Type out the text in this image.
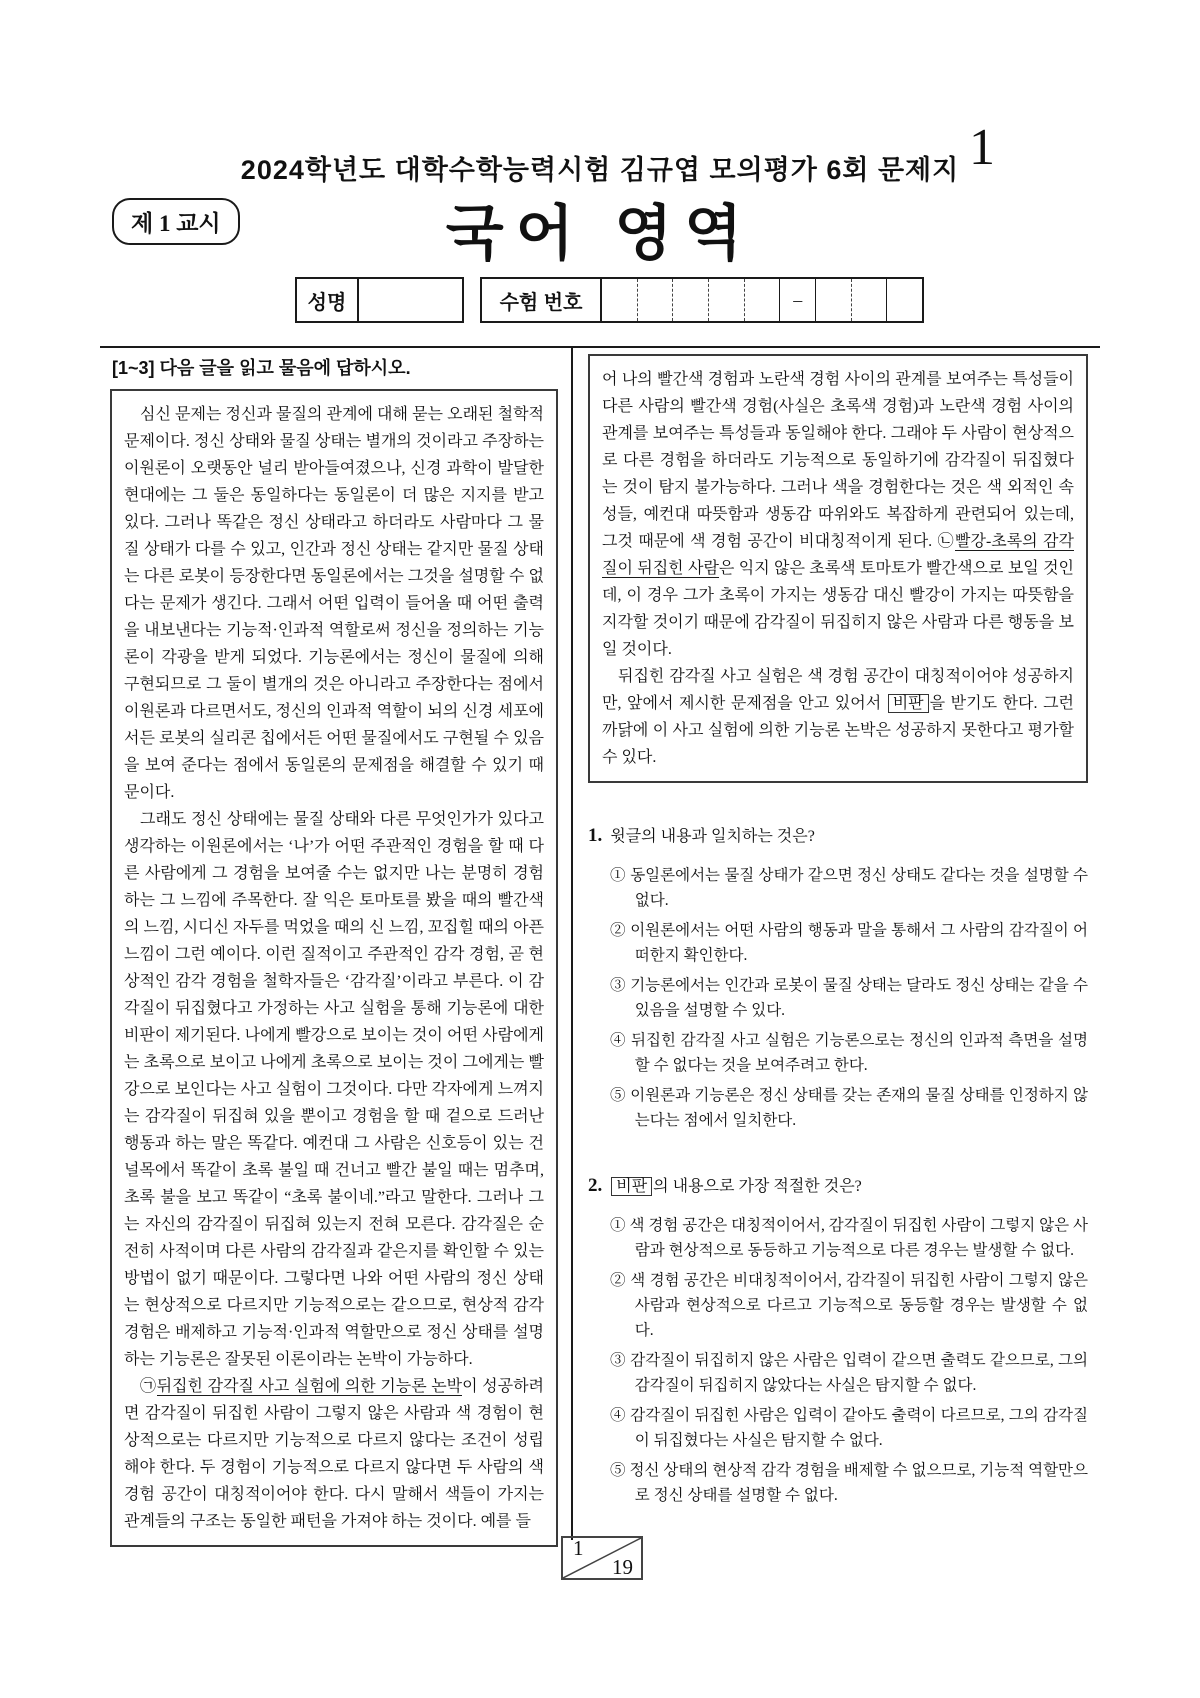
2024학년도 대학수학능력시험 김규엽 모의평가 6회 문제지 1
제 1 교시	국어 영역
성명	수험 번호	–

[1~3] 다음 글을 읽고 물음에 답하시오.

심신 문제는 정신과 물질의 관계에 대해 묻는 오래된 철학적 문제이다. 정신 상태와 물질 상태는 별개의 것이라고 주장하는 이원론이 오랫동안 널리 받아들여졌으나, 신경 과학이 발달한 현대에는 그 둘은 동일하다는 동일론이 더 많은 지지를 받고 있다. 그러나 똑같은 정신 상태라고 하더라도 사람마다 그 물질 상태가 다를 수 있고, 인간과 정신 상태는 같지만 물질 상태는 다른 로봇이 등장한다면 동일론에서는 그것을 설명할 수 없다는 문제가 생긴다. 그래서 어떤 입력이 들어올 때 어떤 출력을 내보낸다는 기능적·인과적 역할로써 정신을 정의하는 기능론이 각광을 받게 되었다. 기능론에서는 정신이 물질에 의해 구현되므로 그 둘이 별개의 것은 아니라고 주장한다는 점에서 이원론과 다르면서도, 정신의 인과적 역할이 뇌의 신경 세포에서든 로봇의 실리콘 칩에서든 어떤 물질에서도 구현될 수 있음을 보여 준다는 점에서 동일론의 문제점을 해결할 수 있기 때문이다.

그래도 정신 상태에는 물질 상태와 다른 무엇인가가 있다고 생각하는 이원론에서는 ‘나’가 어떤 주관적인 경험을 할 때 다른 사람에게 그 경험을 보여줄 수는 없지만 나는 분명히 경험하는 그 느낌에 주목한다. 잘 익은 토마토를 봤을 때의 빨간색의 느낌, 시디신 자두를 먹었을 때의 신 느낌, 꼬집힐 때의 아픈 느낌이 그런 예이다. 이런 질적이고 주관적인 감각 경험, 곧 현상적인 감각 경험을 철학자들은 ‘감각질’이라고 부른다. 이 감각질이 뒤집혔다고 가정하는 사고 실험을 통해 기능론에 대한 비판이 제기된다. 나에게 빨강으로 보이는 것이 어떤 사람에게는 초록으로 보이고 나에게 초록으로 보이는 것이 그에게는 빨강으로 보인다는 사고 실험이 그것이다. 다만 각자에게 느껴지는 감각질이 뒤집혀 있을 뿐이고 경험을 할 때 겉으로 드러난 행동과 하는 말은 똑같다. 예컨대 그 사람은 신호등이 있는 건널목에서 똑같이 초록 불일 때 건너고 빨간 불일 때는 멈추며, 초록 불을 보고 똑같이 “초록 불이네.”라고 말한다. 그러나 그는 자신의 감각질이 뒤집혀 있는지 전혀 모른다. 감각질은 순전히 사적이며 다른 사람의 감각질과 같은지를 확인할 수 있는 방법이 없기 때문이다. 그렇다면 나와 어떤 사람의 정신 상태는 현상적으로 다르지만 기능적으로는 같으므로, 현상적 감각 경험은 배제하고 기능적·인과적 역할만으로 정신 상태를 설명하는 기능론은 잘못된 이론이라는 논박이 가능하다.

㉠뒤집힌 감각질 사고 실험에 의한 기능론 논박이 성공하려면 감각질이 뒤집힌 사람이 그렇지 않은 사람과 색 경험이 현상적으로는 다르지만 기능적으로 다르지 않다는 조건이 성립해야 한다. 두 경험이 기능적으로 다르지 않다면 두 사람의 색 경험 공간이 대칭적이어야 한다. 다시 말해서 색들이 가지는 관계들의 구조는 동일한 패턴을 가져야 하는 것이다. 예를 들

어 나의 빨간색 경험과 노란색 경험 사이의 관계를 보여주는 특성들이 다른 사람의 빨간색 경험(사실은 초록색 경험)과 노란색 경험 사이의 관계를 보여주는 특성들과 동일해야 한다. 그래야 두 사람이 현상적으로 다른 경험을 하더라도 기능적으로 동일하기에 감각질이 뒤집혔다는 것이 탐지 불가능하다. 그러나 색을 경험한다는 것은 색 외적인 속성들, 예컨대 따뜻함과 생동감 따위와도 복잡하게 관련되어 있는데, 그것 때문에 색 경험 공간이 비대칭적이게 된다. ㉡빨강-초록의 감각질이 뒤집힌 사람은 익지 않은 초록색 토마토가 빨간색으로 보일 것인데, 이 경우 그가 초록이 가지는 생동감 대신 빨강이 가지는 따뜻함을 지각할 것이기 때문에 감각질이 뒤집히지 않은 사람과 다른 행동을 보일 것이다.

뒤집힌 감각질 사고 실험은 색 경험 공간이 대칭적이어야 성공하지만, 앞에서 제시한 문제점을 안고 있어서 비판 을 받기도 한다. 그런 까닭에 이 사고 실험에 의한 기능론 논박은 성공하지 못한다고 평가할 수 있다.

1. 윗글의 내용과 일치하는 것은?

① 동일론에서는 물질 상태가 같으면 정신 상태도 같다는 것을 설명할 수 없다.
② 이원론에서는 어떤 사람의 행동과 말을 통해서 그 사람의 감각질이 어떠한지 확인한다.
③ 기능론에서는 인간과 로봇이 물질 상태는 달라도 정신 상태는 같을 수 있음을 설명할 수 있다.
④ 뒤집힌 감각질 사고 실험은 기능론으로는 정신의 인과적 측면을 설명할 수 없다는 것을 보여주려고 한다.
⑤ 이원론과 기능론은 정신 상태를 갖는 존재의 물질 상태를 인정하지 않는다는 점에서 일치한다.

2. 비판 의 내용으로 가장 적절한 것은?

① 색 경험 공간은 대칭적이어서, 감각질이 뒤집힌 사람이 그렇지 않은 사람과 현상적으로 동등하고 기능적으로 다른 경우는 발생할 수 없다.
② 색 경험 공간은 비대칭적이어서, 감각질이 뒤집힌 사람이 그렇지 않은 사람과 현상적으로 다르고 기능적으로 동등할 경우는 발생할 수 없다.
③ 감각질이 뒤집히지 않은 사람은 입력이 같으면 출력도 같으므로, 그의 감각질이 뒤집히지 않았다는 사실은 탐지할 수 없다.
④ 감각질이 뒤집힌 사람은 입력이 같아도 출력이 다르므로, 그의 감각질이 뒤집혔다는 사실은 탐지할 수 없다.
⑤ 정신 상태의 현상적 감각 경험을 배제할 수 없으므로, 기능적 역할만으로 정신 상태를 설명할 수 없다.
1
19
